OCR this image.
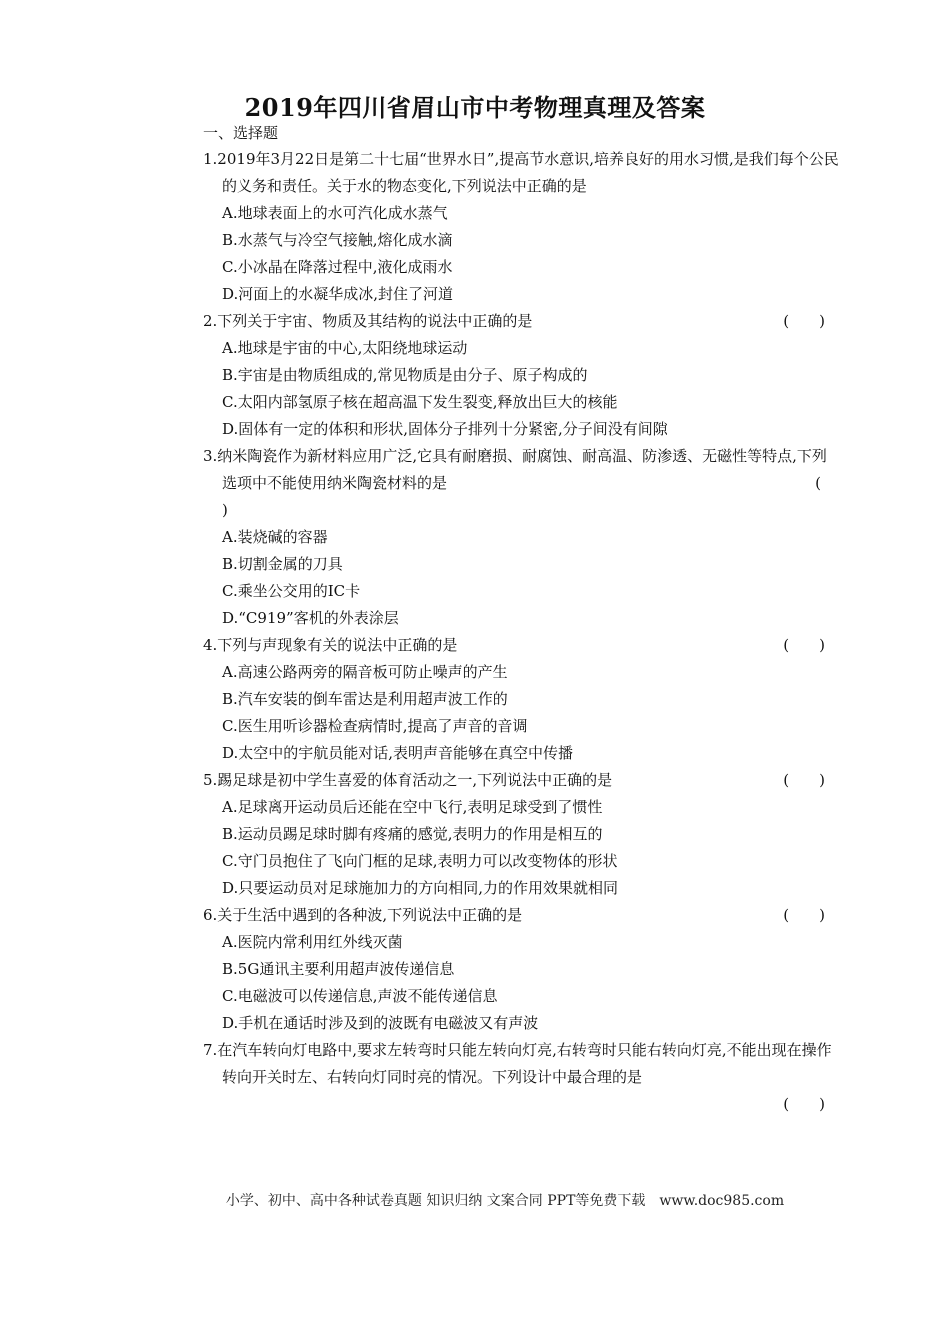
2019年四川省眉山市中考物理真理及答案
一、选择题
1.2019年3月22日是第二十七届“世界水日”,提高节水意识,培养良好的用水习惯,是我们每个公民的义务和责任。关于水的物态变化,下列说法中正确的是
A.地球表面上的水可汽化成水蒸气
B.水蒸气与冷空气接触,熔化成水滴
C.小冰晶在降落过程中,液化成雨水
D.河面上的水凝华成冰,封住了河道
2.下列关于宇宙、物质及其结构的说法中正确的是	(　　)
A.地球是宇宙的中心,太阳绕地球运动
B.宇宙是由物质组成的,常见物质是由分子、原子构成的
C.太阳内部氢原子核在超高温下发生裂变,释放出巨大的核能
D.固体有一定的体积和形状,固体分子排列十分紧密,分子间没有间隙
3.纳米陶瓷作为新材料应用广泛,它具有耐磨损、耐腐蚀、耐高温、防渗透、无磁性等特点,下列选项中不能使用纳米陶瓷材料的是	(
)
A.装烧碱的容器
B.切割金属的刀具
C.乘坐公交用的IC卡
D.“C919”客机的外表涂层
4.下列与声现象有关的说法中正确的是	(　　)
A.高速公路两旁的隔音板可防止噪声的产生
B.汽车安装的倒车雷达是利用超声波工作的
C.医生用听诊器检查病情时,提高了声音的音调
D.太空中的宇航员能对话,表明声音能够在真空中传播
5.踢足球是初中学生喜爱的体育活动之一,下列说法中正确的是	(　　)
A.足球离开运动员后还能在空中飞行,表明足球受到了惯性
B.运动员踢足球时脚有疼痛的感觉,表明力的作用是相互的
C.守门员抱住了飞向门框的足球,表明力可以改变物体的形状
D.只要运动员对足球施加力的方向相同,力的作用效果就相同
6.关于生活中遇到的各种波,下列说法中正确的是	(　　)
A.医院内常利用红外线灭菌
B.5G通讯主要利用超声波传递信息
C.电磁波可以传递信息,声波不能传递信息
D.手机在通话时涉及到的波既有电磁波又有声波
7.在汽车转向灯电路中,要求左转弯时只能左转向灯亮,右转弯时只能右转向灯亮,不能出现在操作转向开关时左、右转向灯同时亮的情况。下列设计中最合理的是
(　　)
小学、初中、高中各种试卷真题 知识归纳 文案合同 PPT等免费下载　www.doc985.com
